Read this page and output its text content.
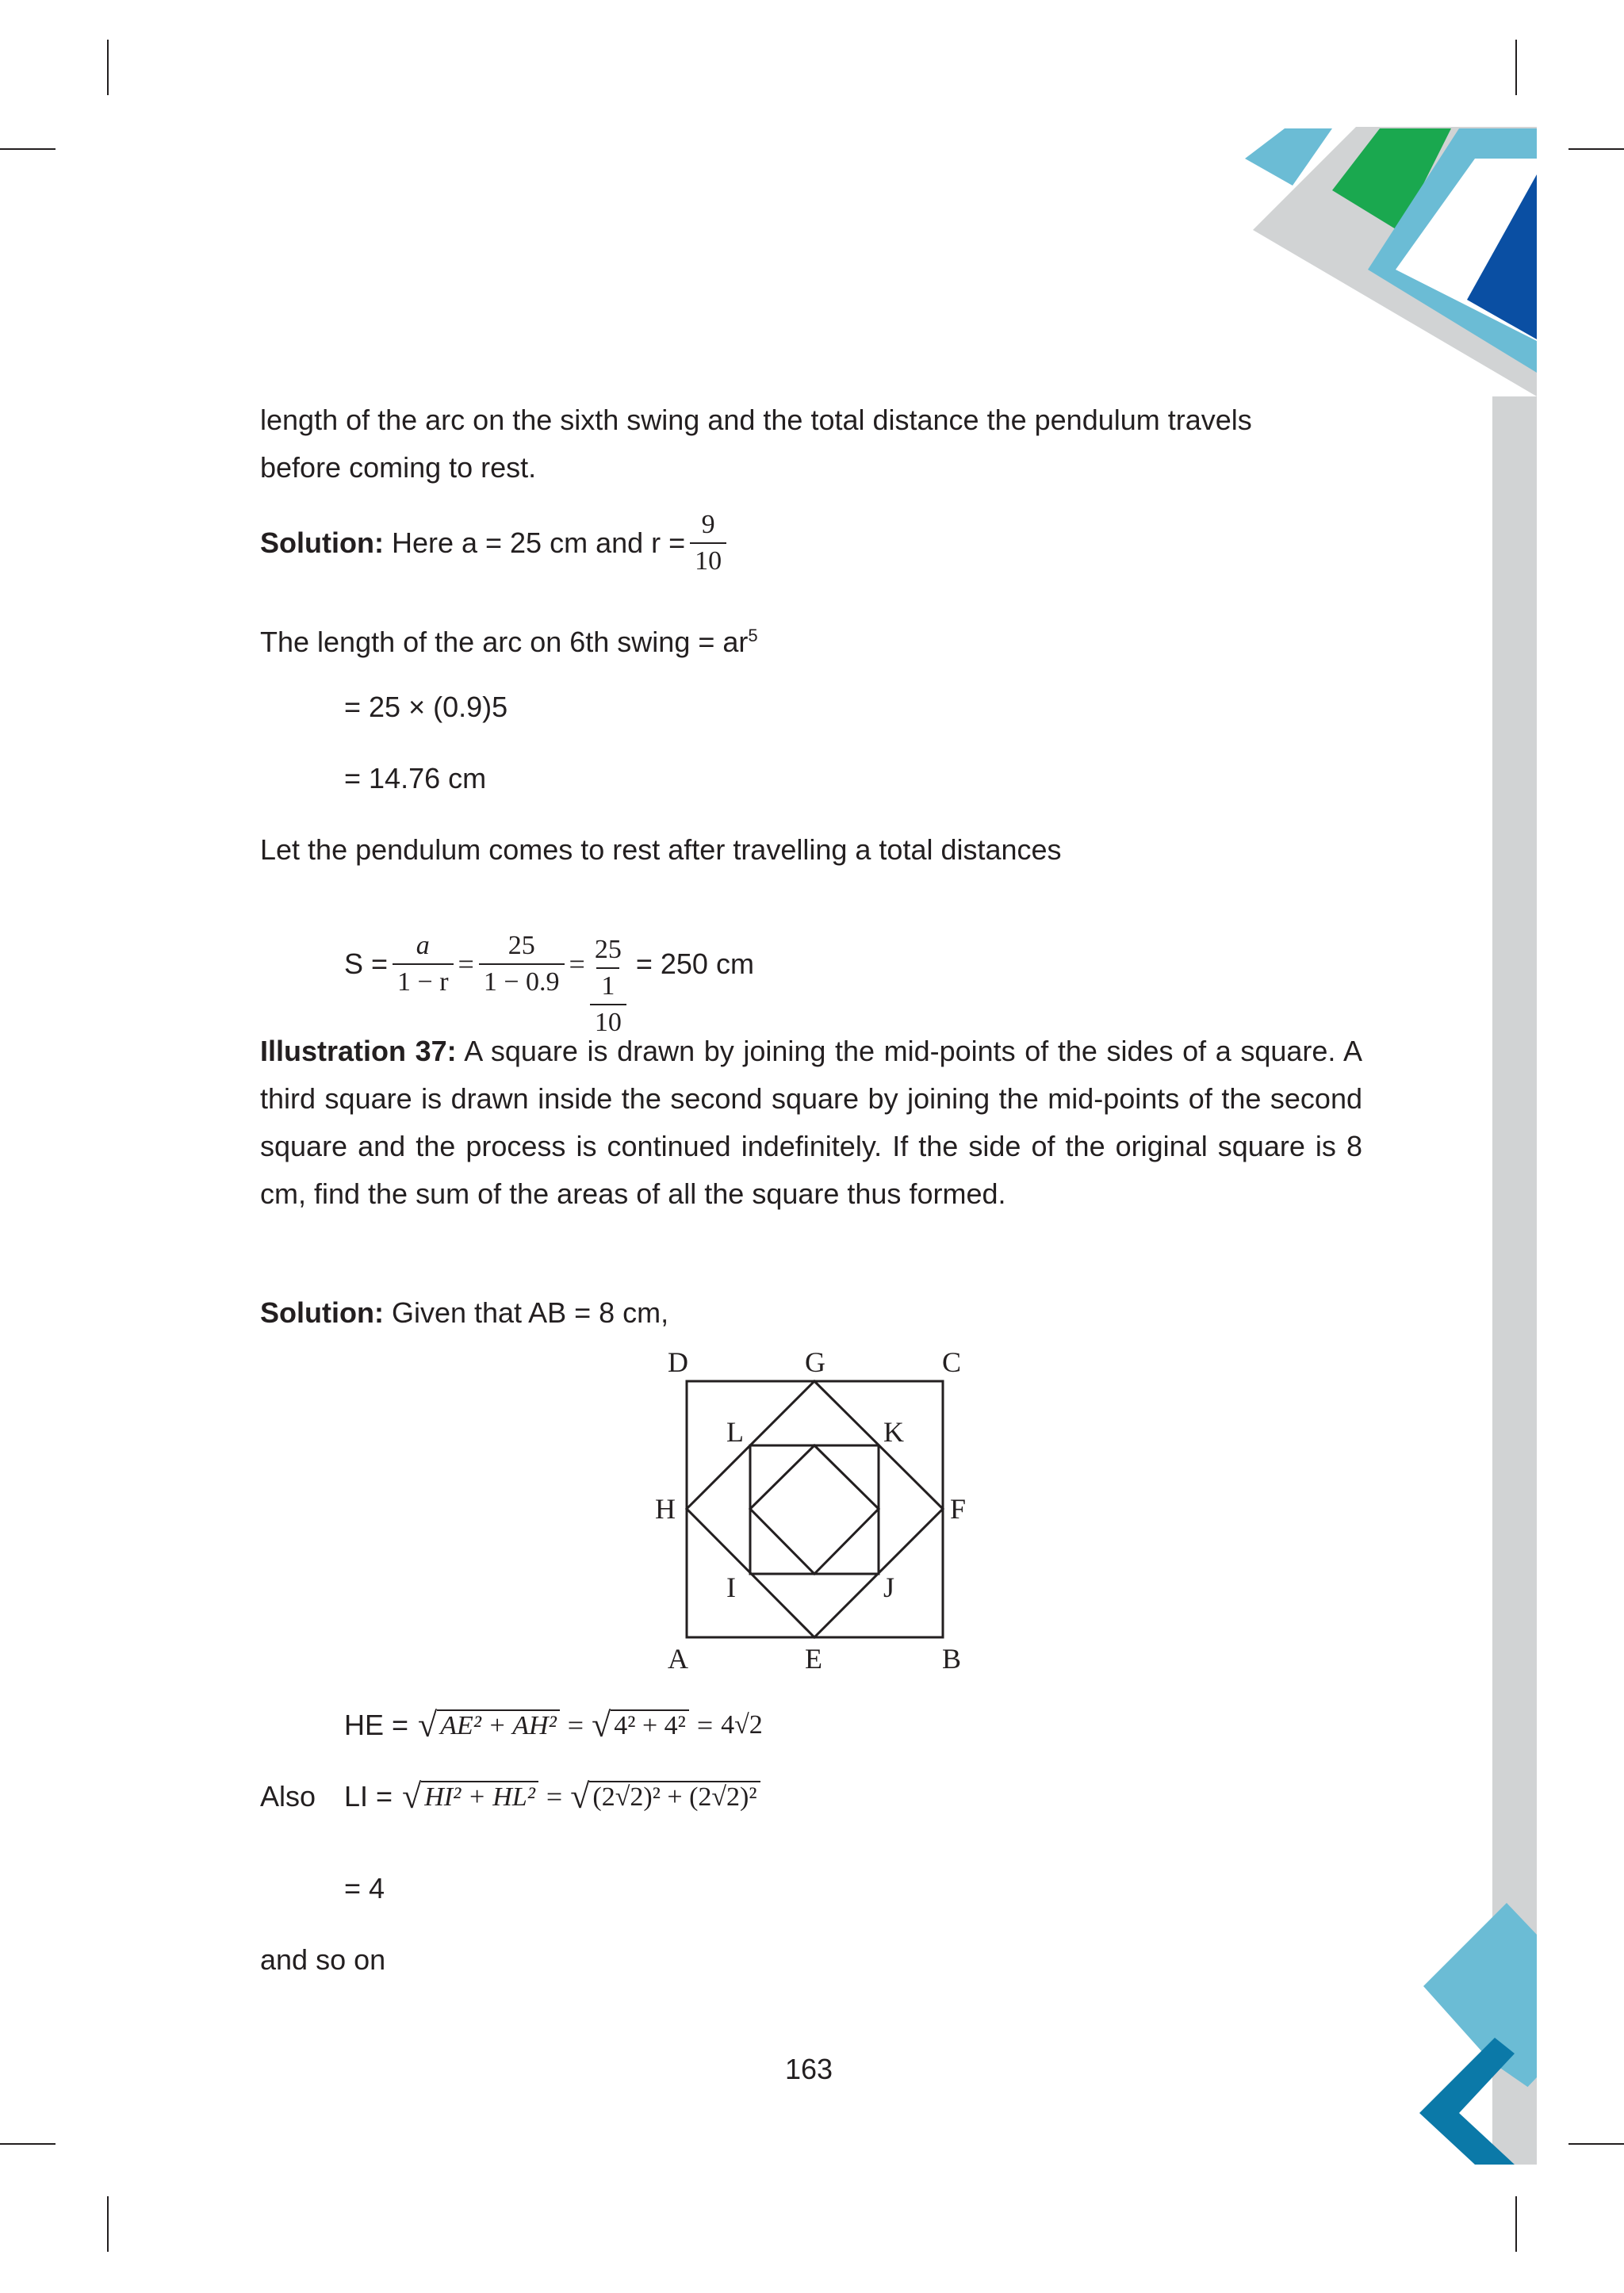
length of the arc on the sixth swing and the total distance the pendulum travels
before coming to rest.
Solution: Here a = 25 cm and $r = \frac{9}{10}$
The length of the arc on 6th swing = $ar^5$
= 25 × (0.9)5
= 14.76 cm
Let the pendulum comes to rest after travelling a total distances
$S = \frac{a}{1 - r} = \frac{25}{1 - 0.9} = 25$
1
10
= 250 cm
Illustration 37: A square is drawn by joining the mid-points of the sides of a square. A third square is drawn inside the second square by joining the mid-points of the second square and the process is continued indefinitely. If the side of the original square is 8 cm, find the sum of the areas of all the square thus formed.
Solution: Given that AB = 8 cm,
D	G	C
L	K
H	F
I	J
A	E	B
HE = √ AE² + AH² = √ 4² + 4² = 4√2
Also LI = √ HI² + HL² = √ (2√2)² + (2√2)²
= 4
and so on
163
